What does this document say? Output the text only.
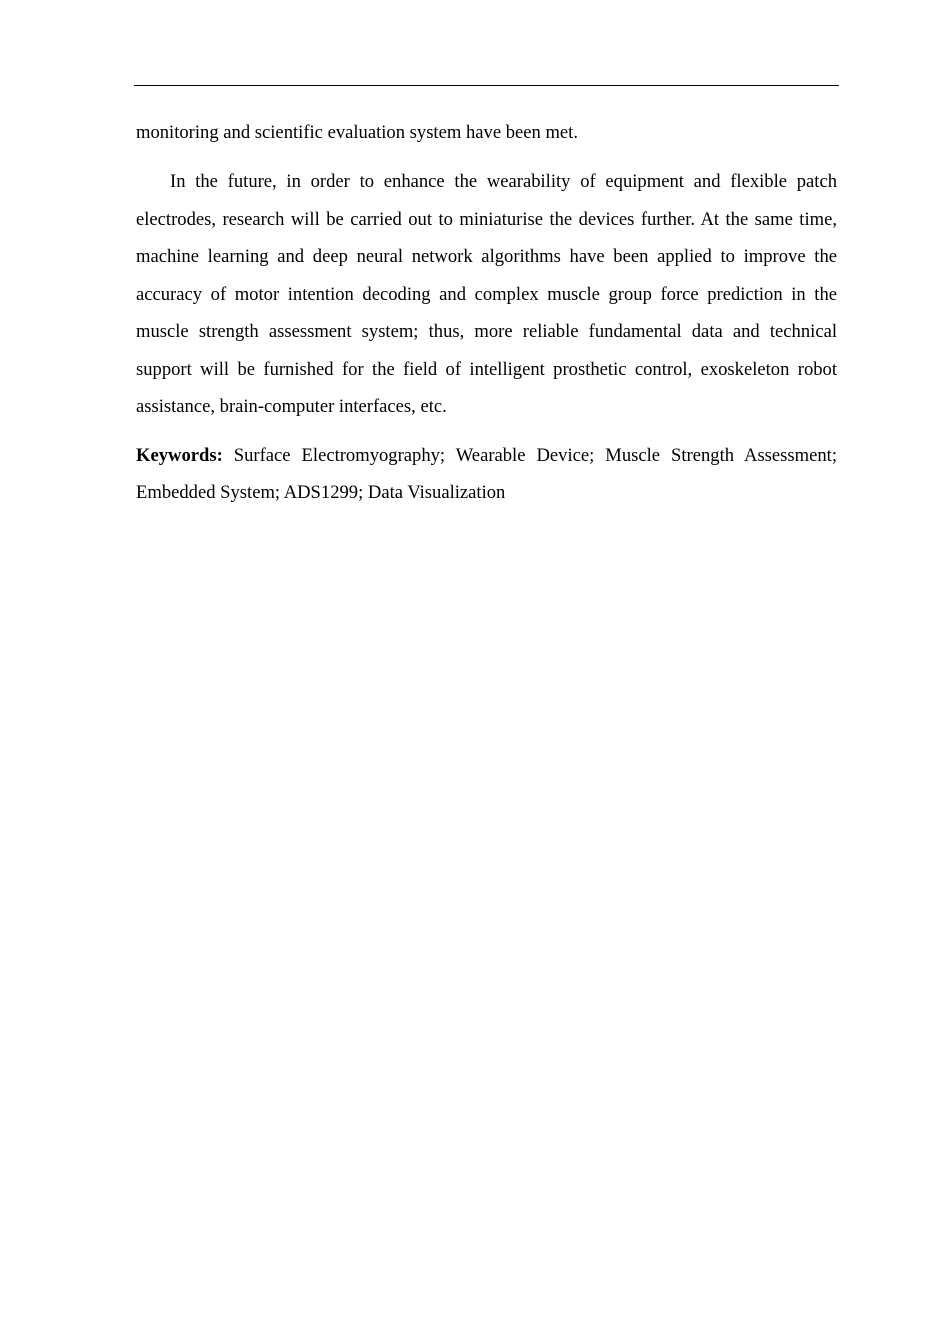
monitoring and scientific evaluation system have been met.

In the future, in order to enhance the wearability of equipment and flexible patch electrodes, research will be carried out to miniaturise the devices further. At the same time, machine learning and deep neural network algorithms have been applied to improve the accuracy of motor intention decoding and complex muscle group force prediction in the muscle strength assessment system; thus, more reliable fundamental data and technical support will be furnished for the field of intelligent prosthetic control, exoskeleton robot assistance, brain-computer interfaces, etc.

Keywords: Surface Electromyography; Wearable Device; Muscle Strength Assessment; Embedded System; ADS1299; Data Visualization
